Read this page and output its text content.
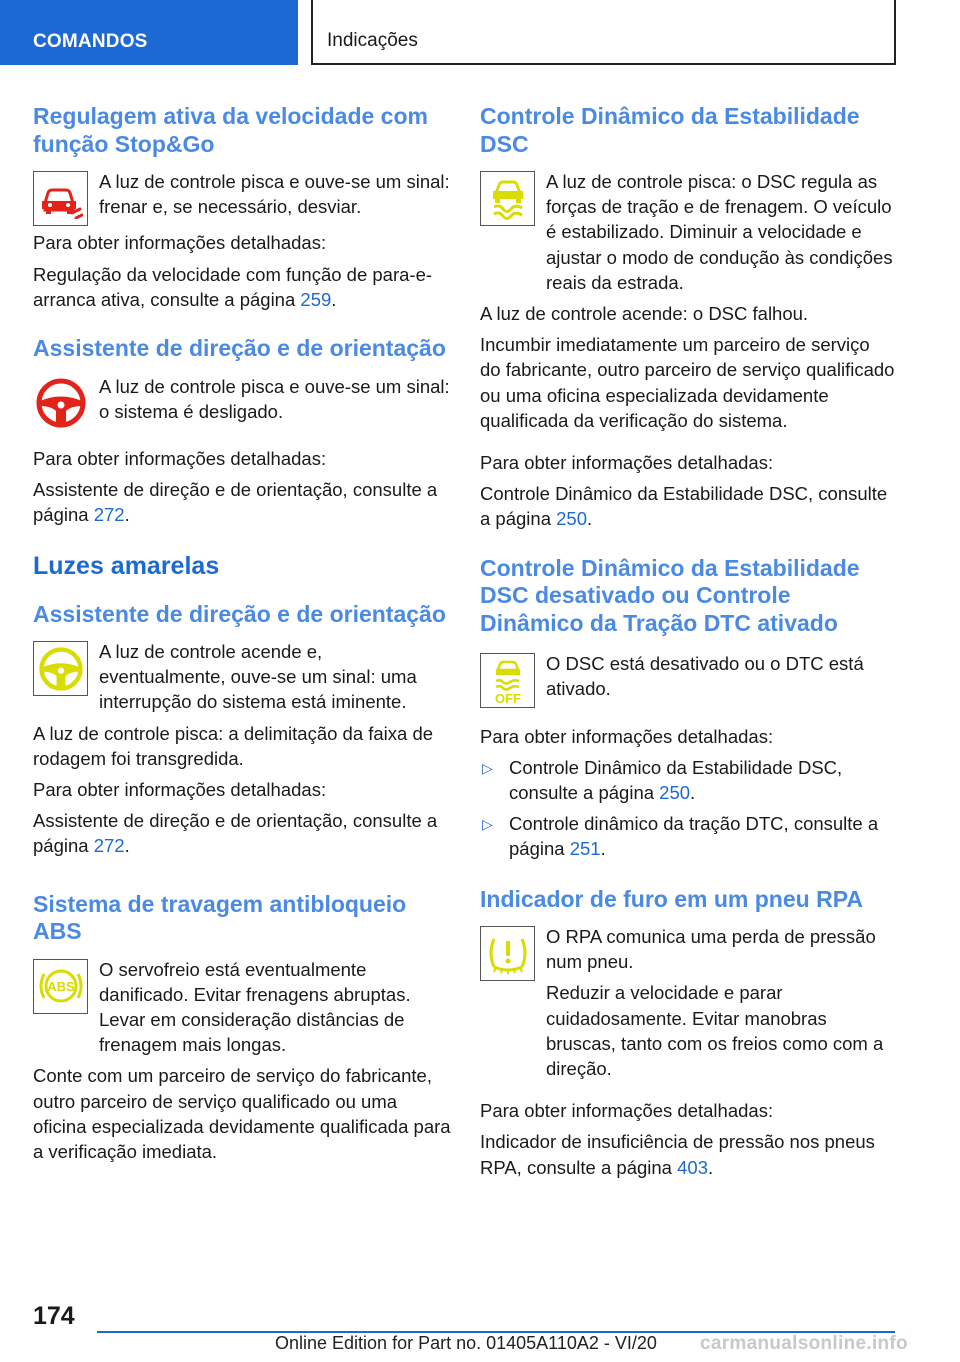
COMANDOS	Indicações
Regulagem ativa da velocidade com função Stop&Go

A luz de controle pisca e ouve-se um sinal: frenar e, se necessário, desviar.

Para obter informações detalhadas:

Regulação da velocidade com função de para-e-arranca ativa, consulte a página 259.

Assistente de direção e de orientação

A luz de controle pisca e ouve-se um sinal: o sistema é desligado.

Para obter informações detalhadas:

Assistente de direção e de orientação, consulte a página 272.

Luzes amarelas
Assistente de direção e de orientação

A luz de controle acende e, eventualmente, ouve-se um sinal: uma interrupção do sistema está iminente.

A luz de controle pisca: a delimitação da faixa de rodagem foi transgredida.

Para obter informações detalhadas:

Assistente de direção e de orientação, consulte a página 272.

Sistema de travagem antibloqueio ABS
ABS

O servofreio está eventualmente danificado. Evitar frenagens abruptas. Levar em consideração distâncias de frenagem mais longas.

Conte com um parceiro de serviço do fabricante, outro parceiro de serviço qualificado ou uma oficina especializada devidamente qualificada para a verificação imediata.

Controle Dinâmico da Estabilidade DSC

A luz de controle pisca: o DSC regula as forças de tração e de frenagem. O veículo é estabilizado. Diminuir a velocidade e ajustar o modo de condução às condições reais da estrada.

A luz de controle acende: o DSC falhou.

Incumbir imediatamente um parceiro de serviço do fabricante, outro parceiro de serviço qualificado ou uma oficina especializada devidamente qualificada da verificação do sistema.

Para obter informações detalhadas:

Controle Dinâmico da Estabilidade DSC, consulte a página 250.

Controle Dinâmico da Estabilidade DSC desativado ou Controle Dinâmico da Tração DTC ativado
OFF

O DSC está desativado ou o DTC está ativado.

Para obter informações detalhadas:

▷ Controle Dinâmico da Estabilidade DSC, consulte a página 250.
▷ Controle dinâmico da tração DTC, consulte a página 251.
Indicador de furo em um pneu RPA

O RPA comunica uma perda de pressão num pneu.

Reduzir a velocidade e parar cuidadosamente. Evitar manobras bruscas, tanto com os freios como com a direção.

Para obter informações detalhadas:

Indicador de insuficiência de pressão nos pneus RPA, consulte a página 403.

174
Online Edition for Part no. 01405A110A2 - VI/20 carmanualsonline.info
